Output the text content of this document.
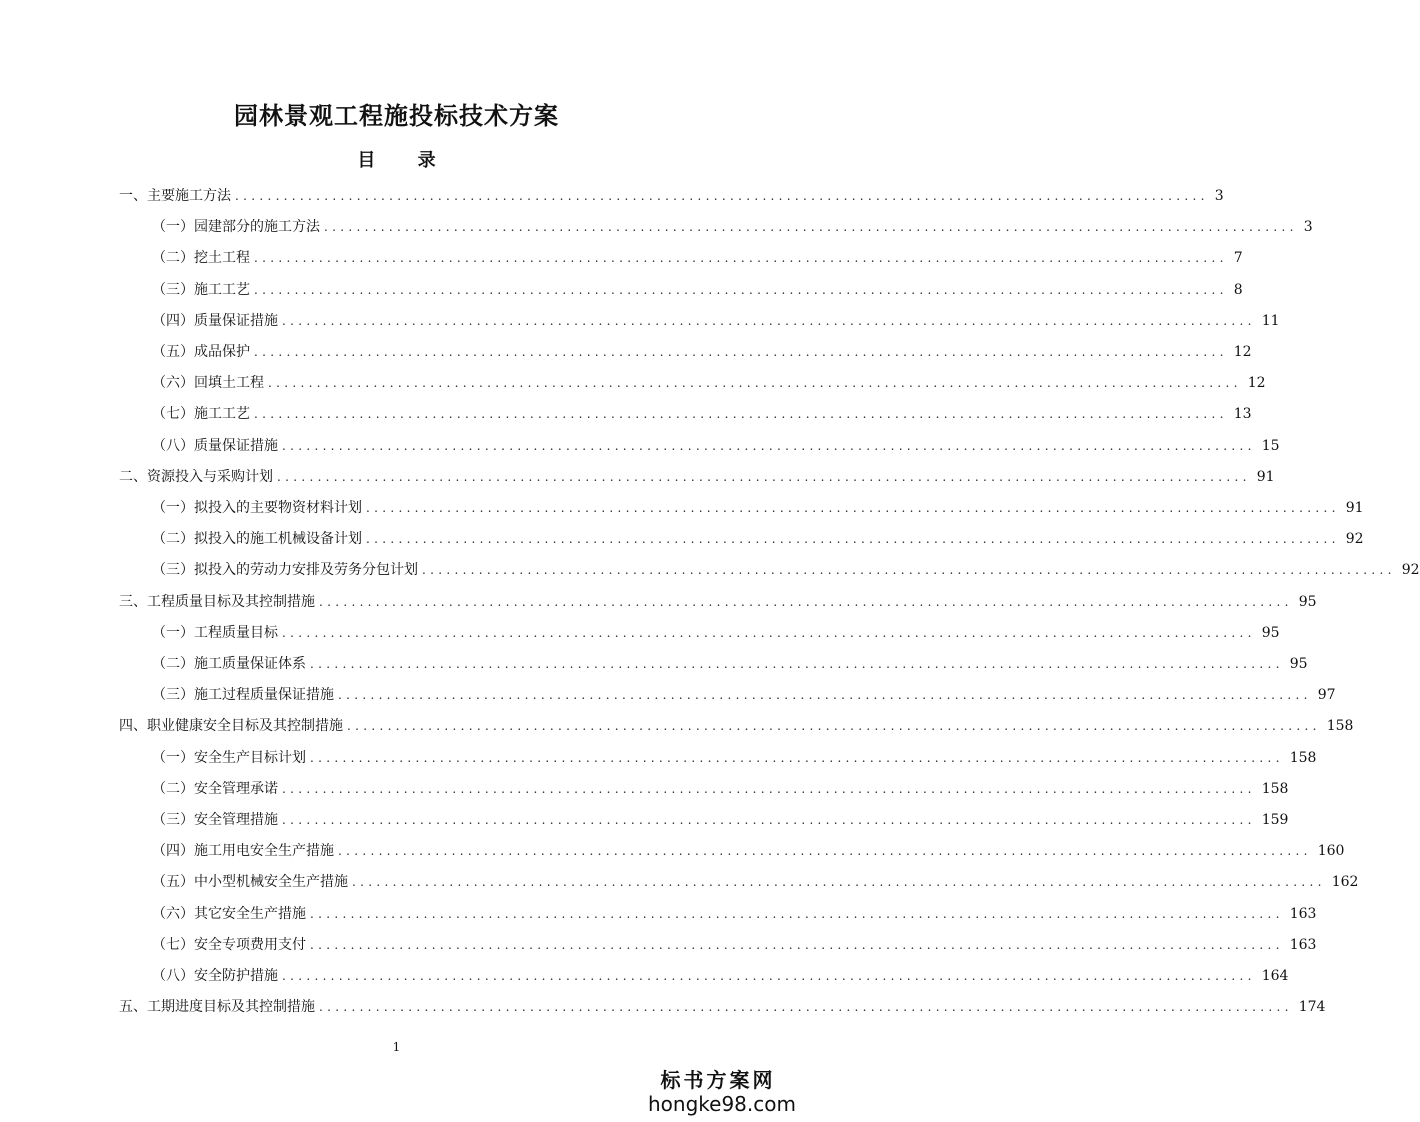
园林景观工程施投标技术方案
目 录
一、主要施工方法 ........................................................................................................................ 3
（一）园建部分的施工方法 ........................................................................................................................ 3
（二）挖土工程 ........................................................................................................................ 7
（三）施工工艺 ........................................................................................................................ 8
（四）质量保证措施 ........................................................................................................................ 11
（五）成品保护 ........................................................................................................................ 12
（六）回填土工程 ........................................................................................................................ 12
（七）施工工艺 ........................................................................................................................ 13
（八）质量保证措施 ........................................................................................................................ 15
二、资源投入与采购计划 ........................................................................................................................ 91
（一）拟投入的主要物资材料计划 ........................................................................................................................ 91
（二）拟投入的施工机械设备计划 ........................................................................................................................ 92
（三）拟投入的劳动力安排及劳务分包计划 ........................................................................................................................ 92
三、工程质量目标及其控制措施 ........................................................................................................................ 95
（一）工程质量目标 ........................................................................................................................ 95
（二）施工质量保证体系 ........................................................................................................................ 95
（三）施工过程质量保证措施 ........................................................................................................................ 97
四、职业健康安全目标及其控制措施 ........................................................................................................................ 158
（一）安全生产目标计划 ........................................................................................................................ 158
（二）安全管理承诺 ........................................................................................................................ 158
（三）安全管理措施 ........................................................................................................................ 159
（四）施工用电安全生产措施 ........................................................................................................................ 160
（五）中小型机械安全生产措施 ........................................................................................................................ 162
（六）其它安全生产措施 ........................................................................................................................ 163
（七）安全专项费用支付 ........................................................................................................................ 163
（八）安全防护措施 ........................................................................................................................ 164
五、工期进度目标及其控制措施 ........................................................................................................................ 174
1
标书方案网
hongke98.com
